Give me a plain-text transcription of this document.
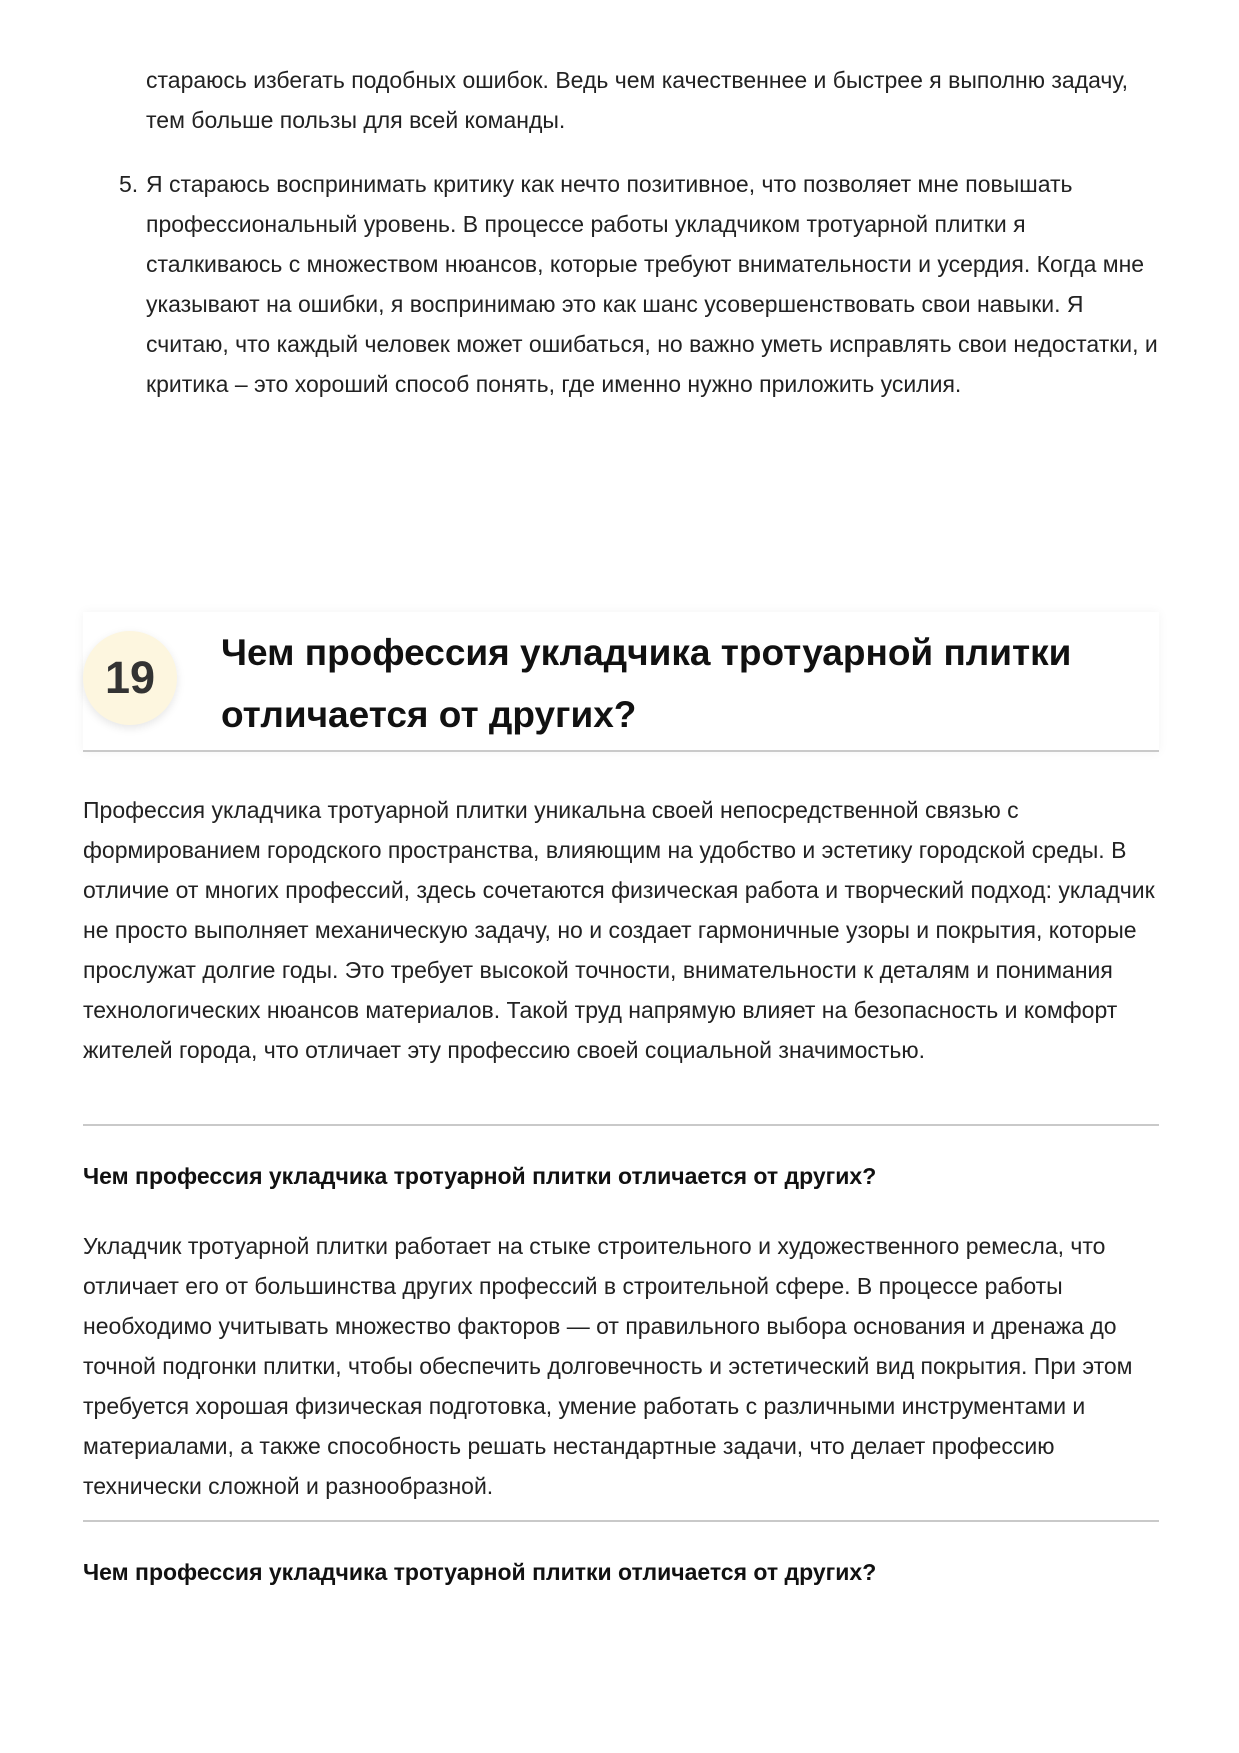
стараюсь избегать подобных ошибок. Ведь чем качественнее и быстрее я выполню задачу, тем больше пользы для всей команды.

5. Я стараюсь воспринимать критику как нечто позитивное, что позволяет мне повышать профессиональный уровень. В процессе работы укладчиком тротуарной плитки я сталкиваюсь с множеством нюансов, которые требуют внимательности и усердия. Когда мне указывают на ошибки, я воспринимаю это как шанс усовершенствовать свои навыки. Я считаю, что каждый человек может ошибаться, но важно уметь исправлять свои недостатки, и критика – это хороший способ понять, где именно нужно приложить усилия.
19	Чем профессия укладчика тротуарной плитки отличается от других?

Профессия укладчика тротуарной плитки уникальна своей непосредственной связью с формированием городского пространства, влияющим на удобство и эстетику городской среды. В отличие от многих профессий, здесь сочетаются физическая работа и творческий подход: укладчик не просто выполняет механическую задачу, но и создает гармоничные узоры и покрытия, которые прослужат долгие годы. Это требует высокой точности, внимательности к деталям и понимания технологических нюансов материалов. Такой труд напрямую влияет на безопасность и комфорт жителей города, что отличает эту профессию своей социальной значимостью.

Чем профессия укладчика тротуарной плитки отличается от других?

Укладчик тротуарной плитки работает на стыке строительного и художественного ремесла, что отличает его от большинства других профессий в строительной сфере. В процессе работы необходимо учитывать множество факторов — от правильного выбора основания и дренажа до точной подгонки плитки, чтобы обеспечить долговечность и эстетический вид покрытия. При этом требуется хорошая физическая подготовка, умение работать с различными инструментами и материалами, а также способность решать нестандартные задачи, что делает профессию технически сложной и разнообразной.

Чем профессия укладчика тротуарной плитки отличается от других?
